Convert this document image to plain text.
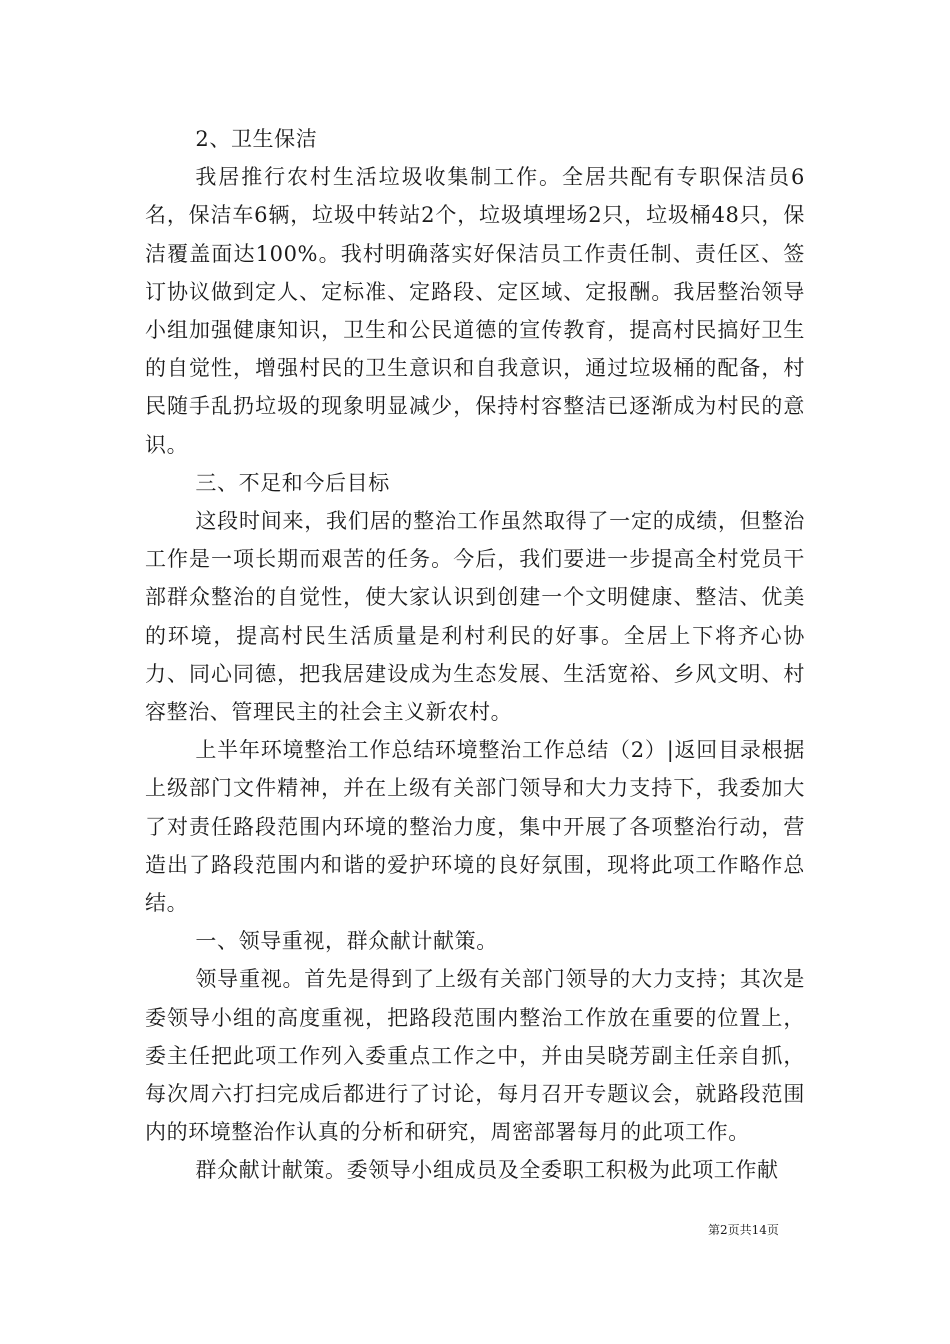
2、卫生保洁

我居推行农村生活垃圾收集制工作。全居共配有专职保洁员6名，保洁车6辆，垃圾中转站2个，垃圾填埋场2只，垃圾桶48只，保洁覆盖面达100%。我村明确落实好保洁员工作责任制、责任区、签订协议做到定人、定标准、定路段、定区域、定报酬。我居整治领导小组加强健康知识，卫生和公民道德的宣传教育，提高村民搞好卫生的自觉性，增强村民的卫生意识和自我意识，通过垃圾桶的配备，村民随手乱扔垃圾的现象明显减少，保持村容整洁已逐渐成为村民的意识。

三、不足和今后目标

这段时间来，我们居的整治工作虽然取得了一定的成绩，但整治工作是一项长期而艰苦的任务。今后，我们要进一步提高全村党员干部群众整治的自觉性，使大家认识到创建一个文明健康、整洁、优美的环境，提高村民生活质量是利村利民的好事。全居上下将齐心协力、同心同德，把我居建设成为生态发展、生活宽裕、乡风文明、村容整治、管理民主的社会主义新农村。

上半年环境整治工作总结环境整治工作总结（2）|返回目录根据上级部门文件精神，并在上级有关部门领导和大力支持下，我委加大了对责任路段范围内环境的整治力度，集中开展了各项整治行动，营造出了路段范围内和谐的爱护环境的良好氛围，现将此项工作略作总结。

一、领导重视，群众献计献策。

领导重视。首先是得到了上级有关部门领导的大力支持；其次是委领导小组的高度重视，把路段范围内整治工作放在重要的位置上，委主任把此项工作列入委重点工作之中，并由吴晓芳副主任亲自抓，每次周六打扫完成后都进行了讨论，每月召开专题议会，就路段范围内的环境整治作认真的分析和研究，周密部署每月的此项工作。

群众献计献策。委领导小组成员及全委职工积极为此项工作献

第2页共14页
